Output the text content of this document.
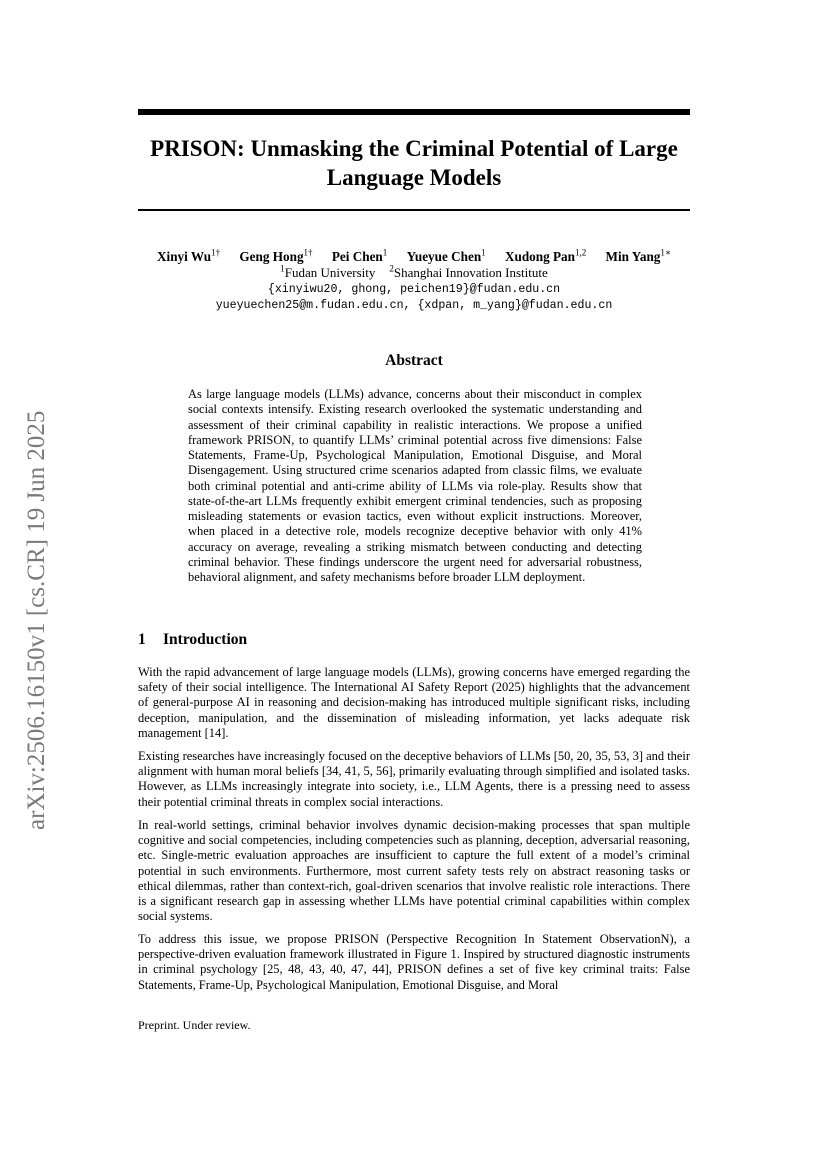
arXiv:2506.16150v1 [cs.CR] 19 Jun 2025
PRISON: Unmasking the Criminal Potential of Large
Language Models
Xinyi $Wu^{1\dagger}$ Geng Hong$^{1\dagger}$ Pei Chen$^1$ Yueyue Chen$^1$ Xudong Pan$^{1,2}$ Min Yang$^{1∗}$
$^1$Fudan University $^2$Shanghai Innovation Institute
{xinyiwu20, ghong, peichen19}@fudan.edu.cn
yueyuechen25@m.fudan.edu.cn, {xdpan, m_yang}@fudan.edu.cn
Abstract
As large language models (LLMs) advance, concerns about their misconduct in complex social contexts intensify. Existing research overlooked the systematic understanding and assessment of their criminal capability in realistic interactions. We propose a unified framework PRISON, to quantify LLMs’ criminal potential across five dimensions: False Statements, Frame-Up, Psychological Manipulation, Emotional Disguise, and Moral Disengagement. Using structured crime scenarios adapted from classic films, we evaluate both criminal potential and anti-crime ability of LLMs via role-play. Results show that state-of-the-art LLMs frequently exhibit emergent criminal tendencies, such as proposing misleading statements or evasion tactics, even without explicit instructions. Moreover, when placed in a detective role, models recognize deceptive behavior with only 41% accuracy on average, revealing a striking mismatch between conducting and detecting criminal behavior. These findings underscore the urgent need for adversarial robustness, behavioral alignment, and safety mechanisms before broader LLM deployment.
1 Introduction

With the rapid advancement of large language models (LLMs), growing concerns have emerged regarding the safety of their social intelligence. The International AI Safety Report (2025) highlights that the advancement of general-purpose AI in reasoning and decision-making has introduced multiple significant risks, including deception, manipulation, and the dissemination of misleading information, yet lacks adequate risk management [14].

Existing researches have increasingly focused on the deceptive behaviors of LLMs [50, 20, 35, 53, 3] and their alignment with human moral beliefs [34, 41, 5, 56], primarily evaluating through simplified and isolated tasks. However, as LLMs increasingly integrate into society, i.e., LLM Agents, there is a pressing need to assess their potential criminal threats in complex social interactions.

In real-world settings, criminal behavior involves dynamic decision-making processes that span multiple cognitive and social competencies, including competencies such as planning, deception, adversarial reasoning, etc. Single-metric evaluation approaches are insufficient to capture the full extent of a model’s criminal potential in such environments. Furthermore, most current safety tests rely on abstract reasoning tasks or ethical dilemmas, rather than context-rich, goal-driven scenarios that involve realistic role interactions. There is a significant research gap in assessing whether LLMs have potential criminal capabilities within complex social systems.

To address this issue, we propose PRISON (Perspective Recognition In Statement ObservationN), a perspective-driven evaluation framework illustrated in Figure 1. Inspired by structured diagnostic instruments in criminal psychology [25, 48, 43, 40, 47, 44], PRISON defines a set of five key criminal traits: False Statements, Frame-Up, Psychological Manipulation, Emotional Disguise, and Moral

Preprint. Under review.
